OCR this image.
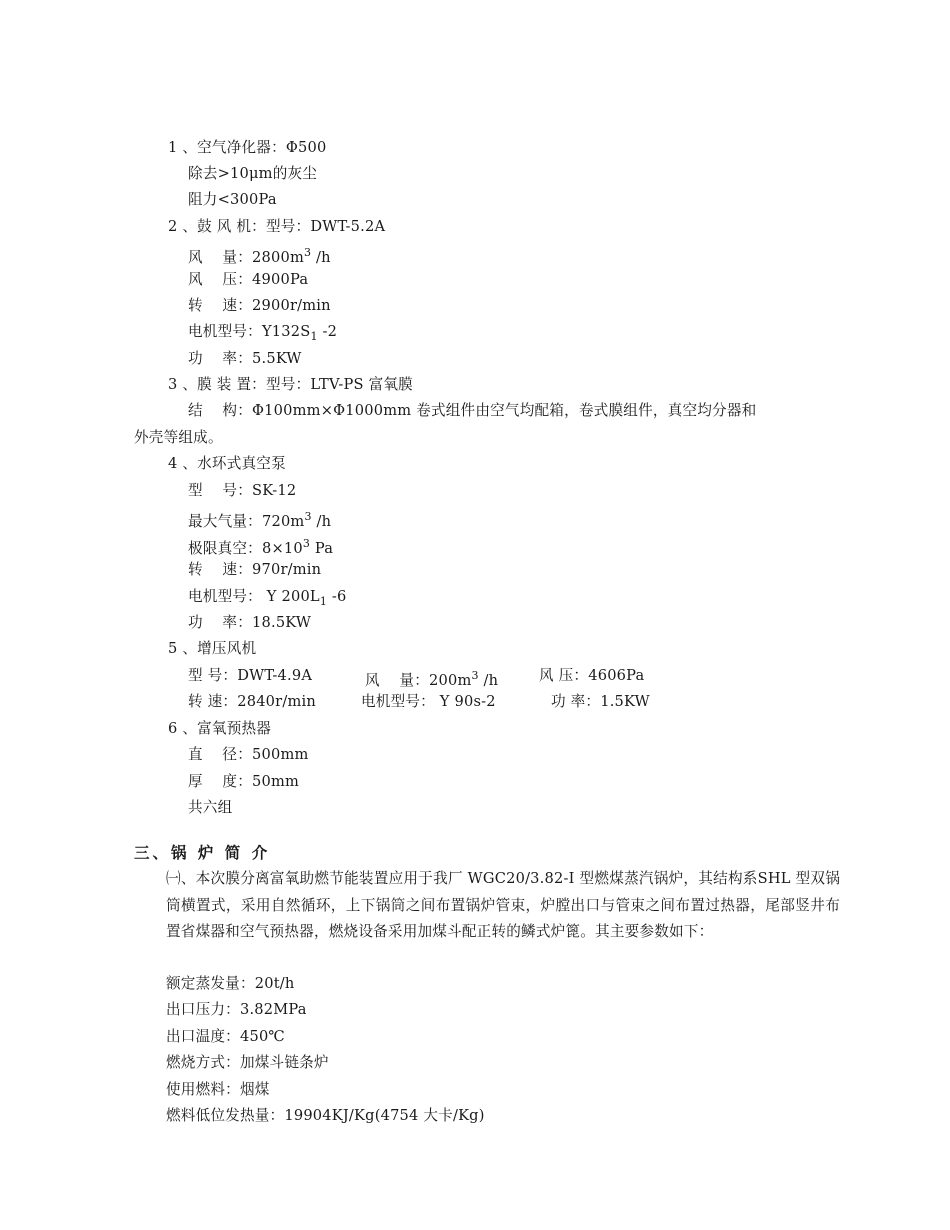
1 、空气净化器：Φ500
除去>10μm的灰尘
阻力<300Pa
2 、鼓 风 机：型号：DWT-5.2A
风　 量：$2800m^3$ /h
风　 压：4900Pa
转　 速：2900r/min
电机型号：$Y132S_1$ -2
功　 率：5.5KW
3 、膜 装 置：型号：LTV-PS 富氧膜
结　 构：Φ100mm×Φ1000mm 卷式组件由空气均配箱，卷式膜组件，真空均分器和
外壳等组成。
4 、水环式真空泵
型　 号：SK-12
最大气量：$720m^3$ /h
极限真空：$8\times 10^3$ Pa
转　 速：970r/min
电机型号： Y $200L_1$ -6
功　 率：18.5KW
5 、增压风机
型 号：DWT-4.9A	风　 量：$200m^3$ /h	风 压：4606Pa
转 速：2840r/min	电机型号： Y 90s-2	功 率：1.5KW
6 、富氧预热器
直　 径：500mm
厚　 度：50mm
共六组
三、锅 炉 简 介
㈠、本次膜分离富氧助燃节能装置应用于我厂 WGC20/3.82-Ⅰ 型燃煤蒸汽锅炉，其结构系SHL 型双锅筒横置式，采用自然循环，上下锅筒之间布置锅炉管束，炉膛出口与管束之间布置过热器，尾部竖井布置省煤器和空气预热器，燃烧设备采用加煤斗配正转的鳞式炉篦。其主要参数如下：
额定蒸发量：20t/h
出口压力：3.82MPa
出口温度：450℃
燃烧方式：加煤斗链条炉
使用燃料：烟煤
燃料低位发热量：19904KJ/Kg(4754 大卡/Kg)
